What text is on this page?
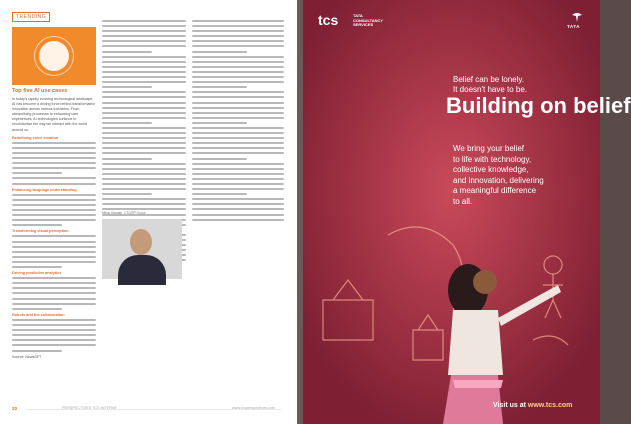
TRENDING
Top five AI use cases
In today's rapidly evolving technological landscape, AI has become a driving force behind transformative innovation across various industries. From streamlining processes to enhancing user experiences, AI technologies continue to revolutionise the way we interact with the world around us.
Redefining voice creation
Enhancing language understanding
Transforming visual perception
Driving predictive analytics
Robots and the collaboration
Source: NewsSFT
Milind Kamath, CTO/SP Group
20	PERSPECTIVES TCS INTERIM	www.tcsperspectives.com
tcs	TATA
CONSULTANCY
SERVICES	TATA
Belief can be lonely.
It doesn't have to be.
Building on belief
We bring your belief
to life with technology,
collective knowledge,
and innovation, delivering
a meaningful difference
to all.
Visit us at www.tcs.com
